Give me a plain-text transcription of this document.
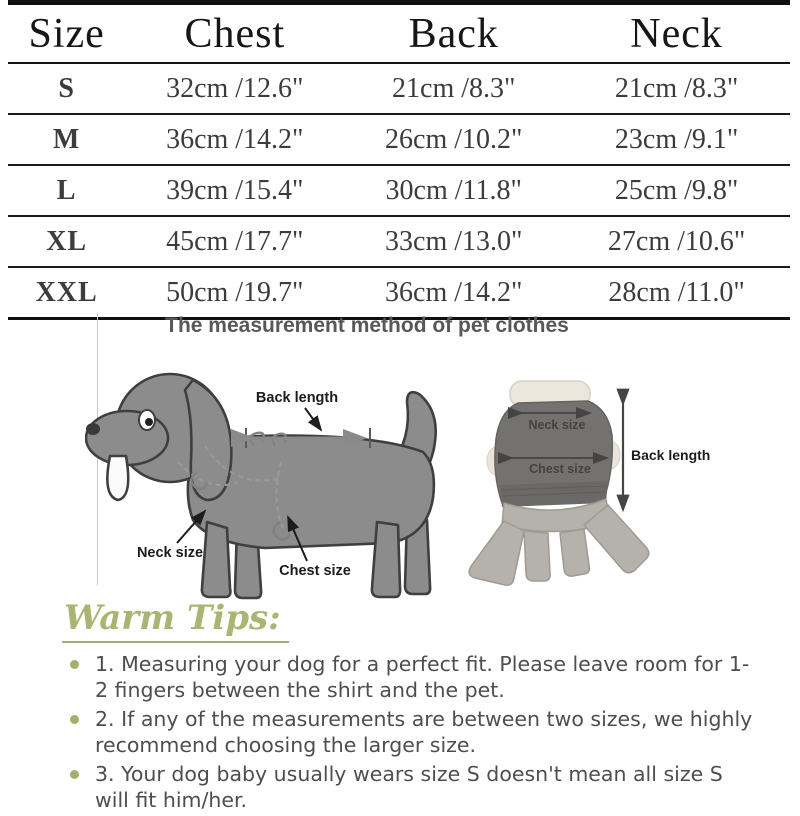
Size	Chest	Back	Neck
S	32cm /12.6"	21cm /8.3"	21cm /8.3"
M	36cm /14.2"	26cm /10.2"	23cm /9.1"
L	39cm /15.4"	30cm /11.8"	25cm /9.8"
XL	45cm /17.7"	33cm /13.0"	27cm /10.6"
XXL	50cm /19.7"	36cm /14.2"	28cm /11.0"
The measurement method of pet clothes
Back length
Neck size
Chest size
Neck size
Chest size
Back length
Warm Tips:
1. Measuring your dog for a perfect fit. Please leave room for 1-2 fingers between the shirt and the pet.
2. If any of the measurements are between two sizes, we highly recommend choosing the larger size.
3. Your dog baby usually wears size S doesn't mean all size S will fit him/her.
